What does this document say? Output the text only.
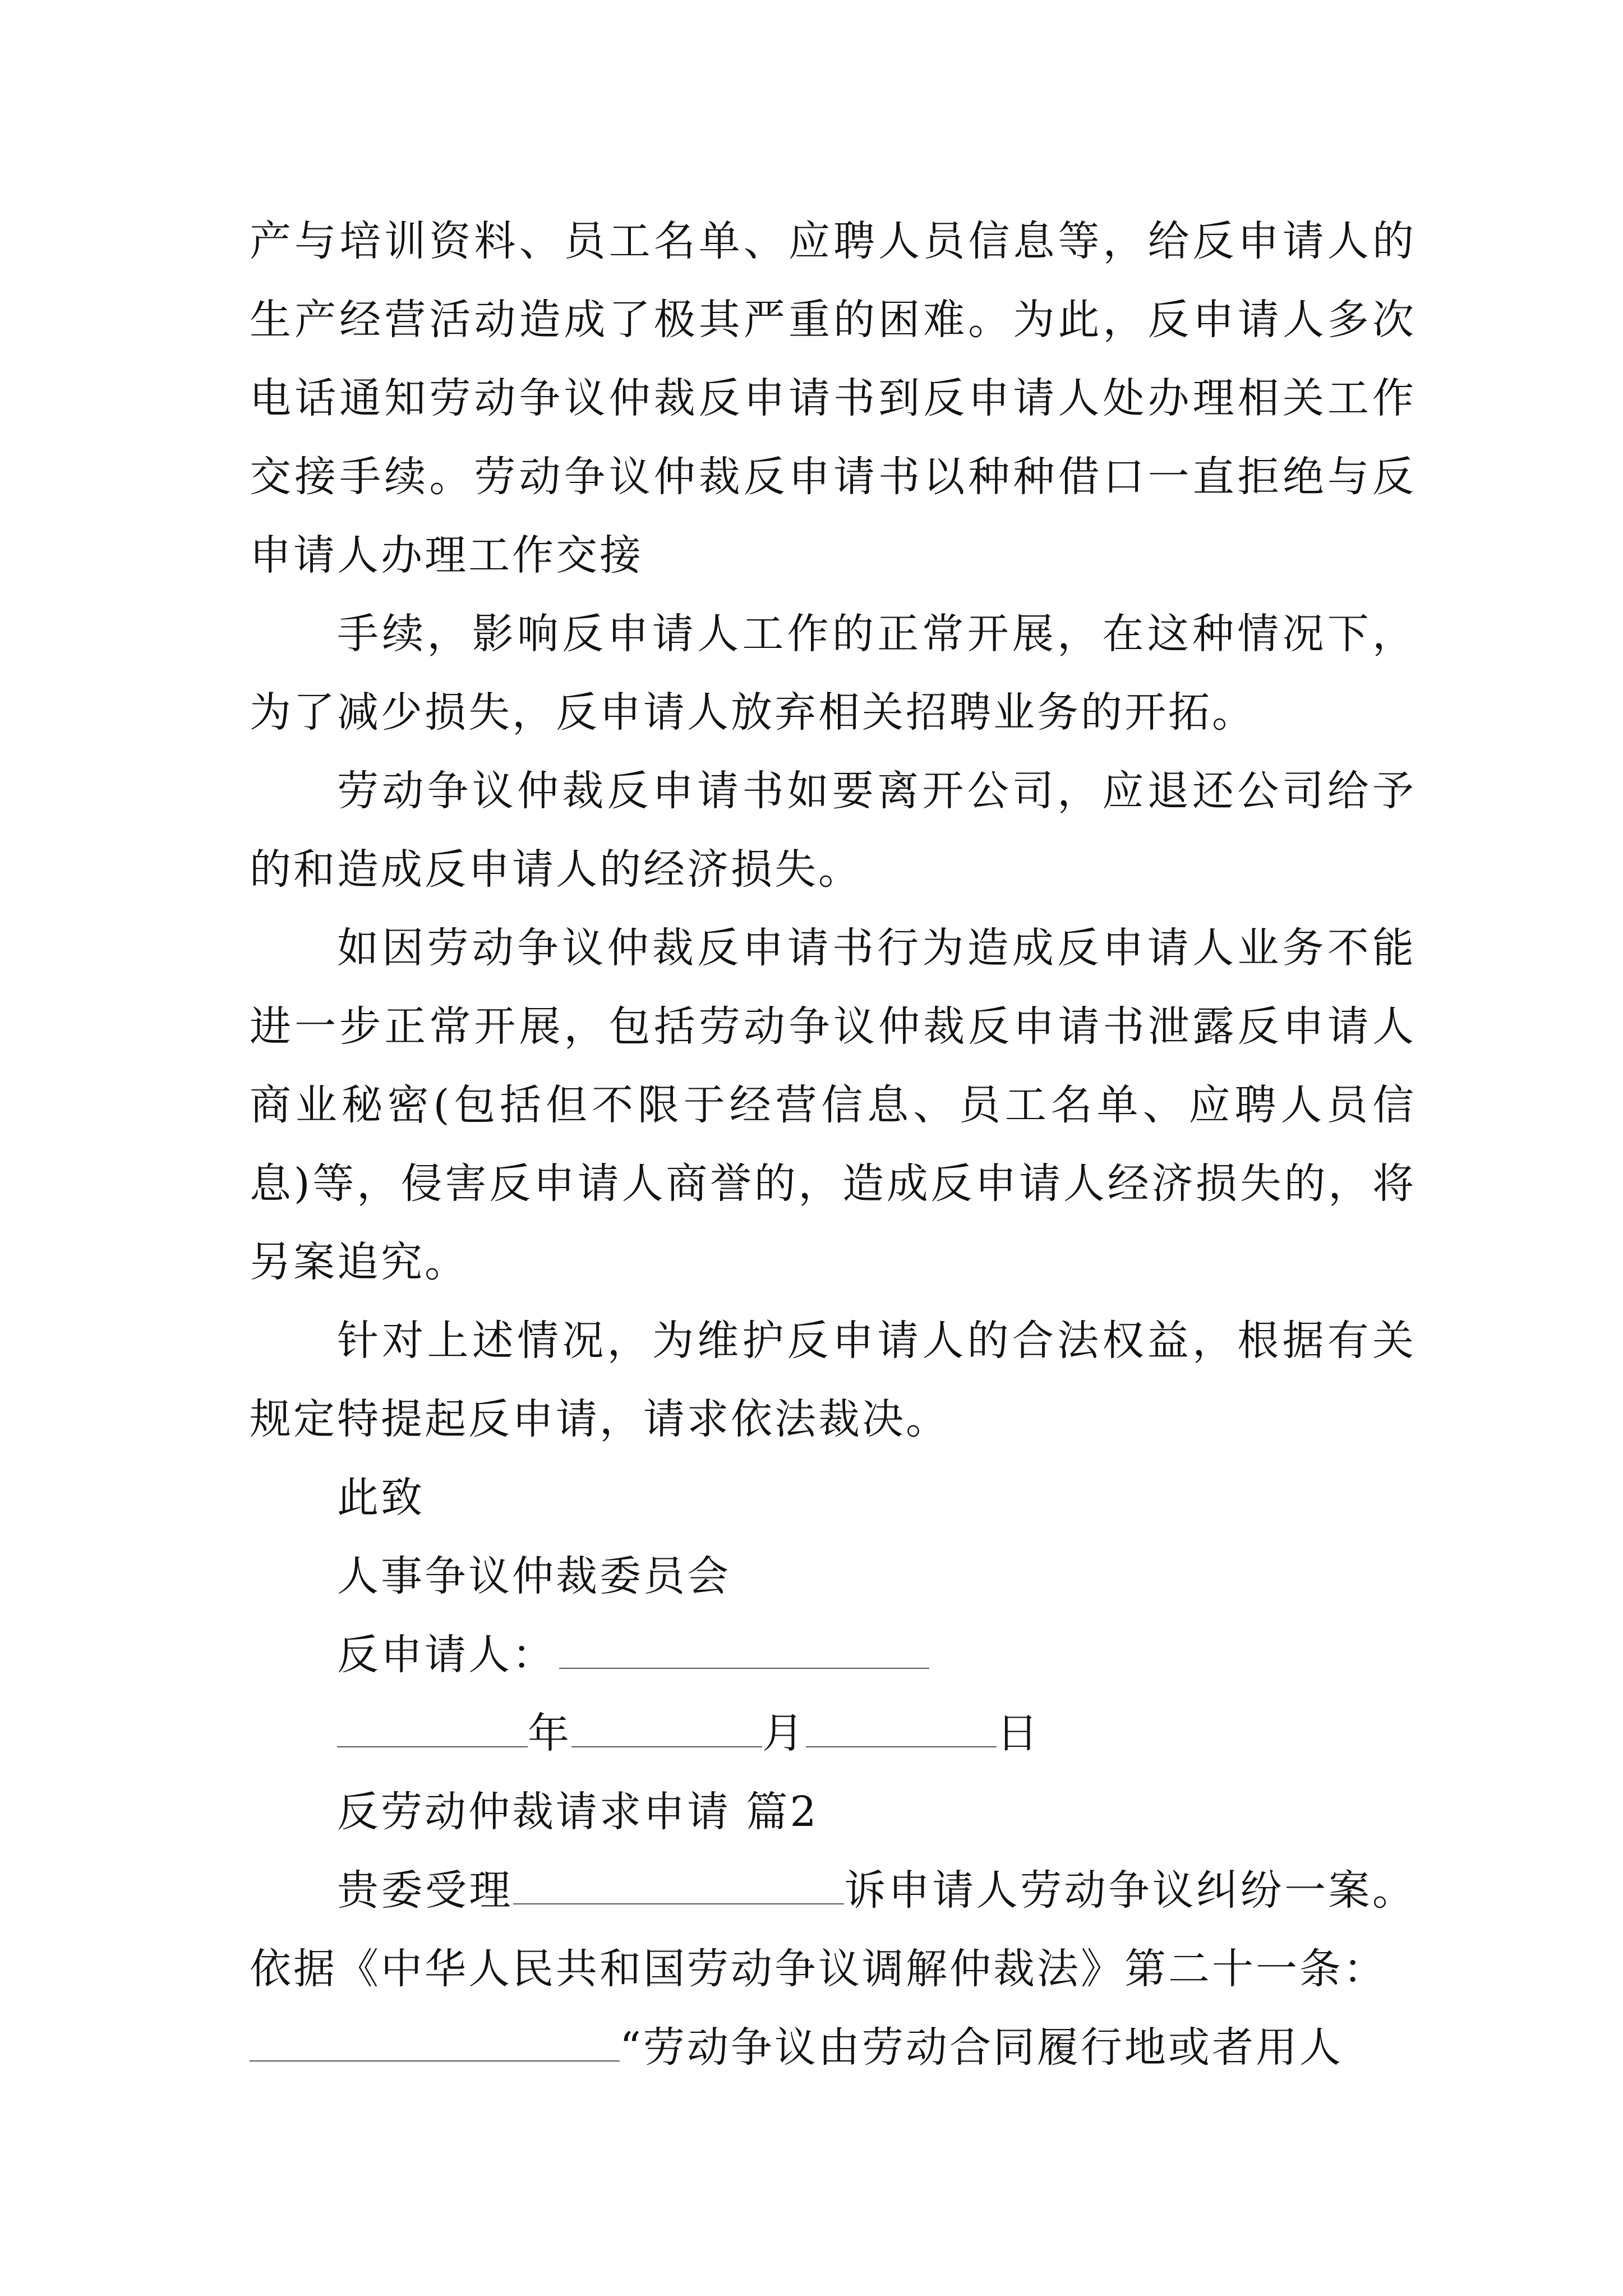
产与培训资料、员工名单、应聘人员信息等，给反申请人的生产经营活动造成了极其严重的困难。为此，反申请人多次电话通知劳动争议仲裁反申请书到反申请人处办理相关工作交接手续。劳动争议仲裁反申请书以种种借口一直拒绝与反申请人办理工作交接

手续，影响反申请人工作的正常开展，在这种情况下，为了减少损失，反申请人放弃相关招聘业务的开拓。

劳动争议仲裁反申请书如要离开公司，应退还公司给予的和造成反申请人的经济损失。

如因劳动争议仲裁反申请书行为造成反申请人业务不能进一步正常开展，包括劳动争议仲裁反申请书泄露反申请人商业秘密(包括但不限于经营信息、员工名单、应聘人员信息)等，侵害反申请人商誉的，造成反申请人经济损失的，将另案追究。

针对上述情况，为维护反申请人的合法权益，根据有关规定特提起反申请，请求依法裁决。

此致

人事争议仲裁委员会

反申请人：

年	月	日

反劳动仲裁请求申请 篇2

贵委受理	诉申请人劳动争议纠纷一案。依据《中华人民共和国劳动争议调解仲裁法》第二十一条：
“劳动争议由劳动合同履行地或者用人
